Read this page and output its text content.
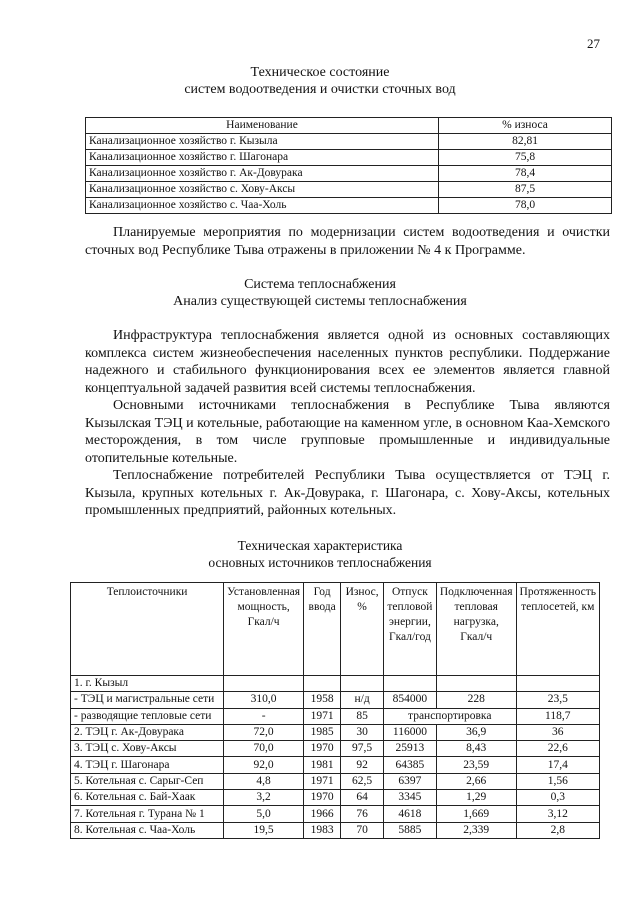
27
Техническое состояние
систем водоотведения и очистки сточных вод
Наименование	% износа
Канализационное хозяйство г. Кызыла	82,81
Канализационное хозяйство г. Шагонара	75,8
Канализационное хозяйство г. Ак-Довурака	78,4
Канализационное хозяйство с. Хову-Аксы	87,5
Канализационное хозяйство с. Чаа-Холь	78,0

Планируемые мероприятия по модернизации систем водоотведения и очистки сточных вод Республике Тыва отражены в приложении № 4 к Программе.

Система теплоснабжения
Анализ существующей системы теплоснабжения

Инфраструктура теплоснабжения является одной из основных составляющих комплекса систем жизнеобеспечения населенных пунктов республики. Поддержание надежного и стабильного функционирования всех ее элементов является главной концептуальной задачей развития всей системы теплоснабжения.

Основными источниками теплоснабжения в Республике Тыва являются Кызылская ТЭЦ и котельные, работающие на каменном угле, в основном Каа-Хемского месторождения, в том числе групповые промышленные и индивидуальные отопительные котельные.

Теплоснабжение потребителей Республики Тыва осуществляется от ТЭЦ г. Кызыла, крупных котельных г. Ак-Довурака, г. Шагонара, с. Хову-Аксы, котельных промышленных предприятий, районных котельных.

Техническая характеристика
основных источников теплоснабжения
Теплоисточники	Установленная мощность, Гкал/ч	Год ввода	Износ, %	Отпуск тепловой энергии, Гкал/год	Подключенная тепловая нагрузка, Гкал/ч	Протяженность теплосетей, км
1. г. Кызыл						
- ТЭЦ и магистральные сети	310,0	1958	н/д	854000	228	23,5
- разводящие тепловые сети	-	1971	85	транспортировка		118,7
2. ТЭЦ г. Ак-Довурака	72,0	1985	30	116000	36,9	36
3. ТЭЦ с. Хову-Аксы	70,0	1970	97,5	25913	8,43	22,6
4. ТЭЦ г. Шагонара	92,0	1981	92	64385	23,59	17,4
5. Котельная с. Сарыг-Сеп	4,8	1971	62,5	6397	2,66	1,56
6. Котельная с. Бай-Хаак	3,2	1970	64	3345	1,29	0,3
7. Котельная г. Турана № 1	5,0	1966	76	4618	1,669	3,12
8. Котельная с. Чаа-Холь	19,5	1983	70	5885	2,339	2,8
